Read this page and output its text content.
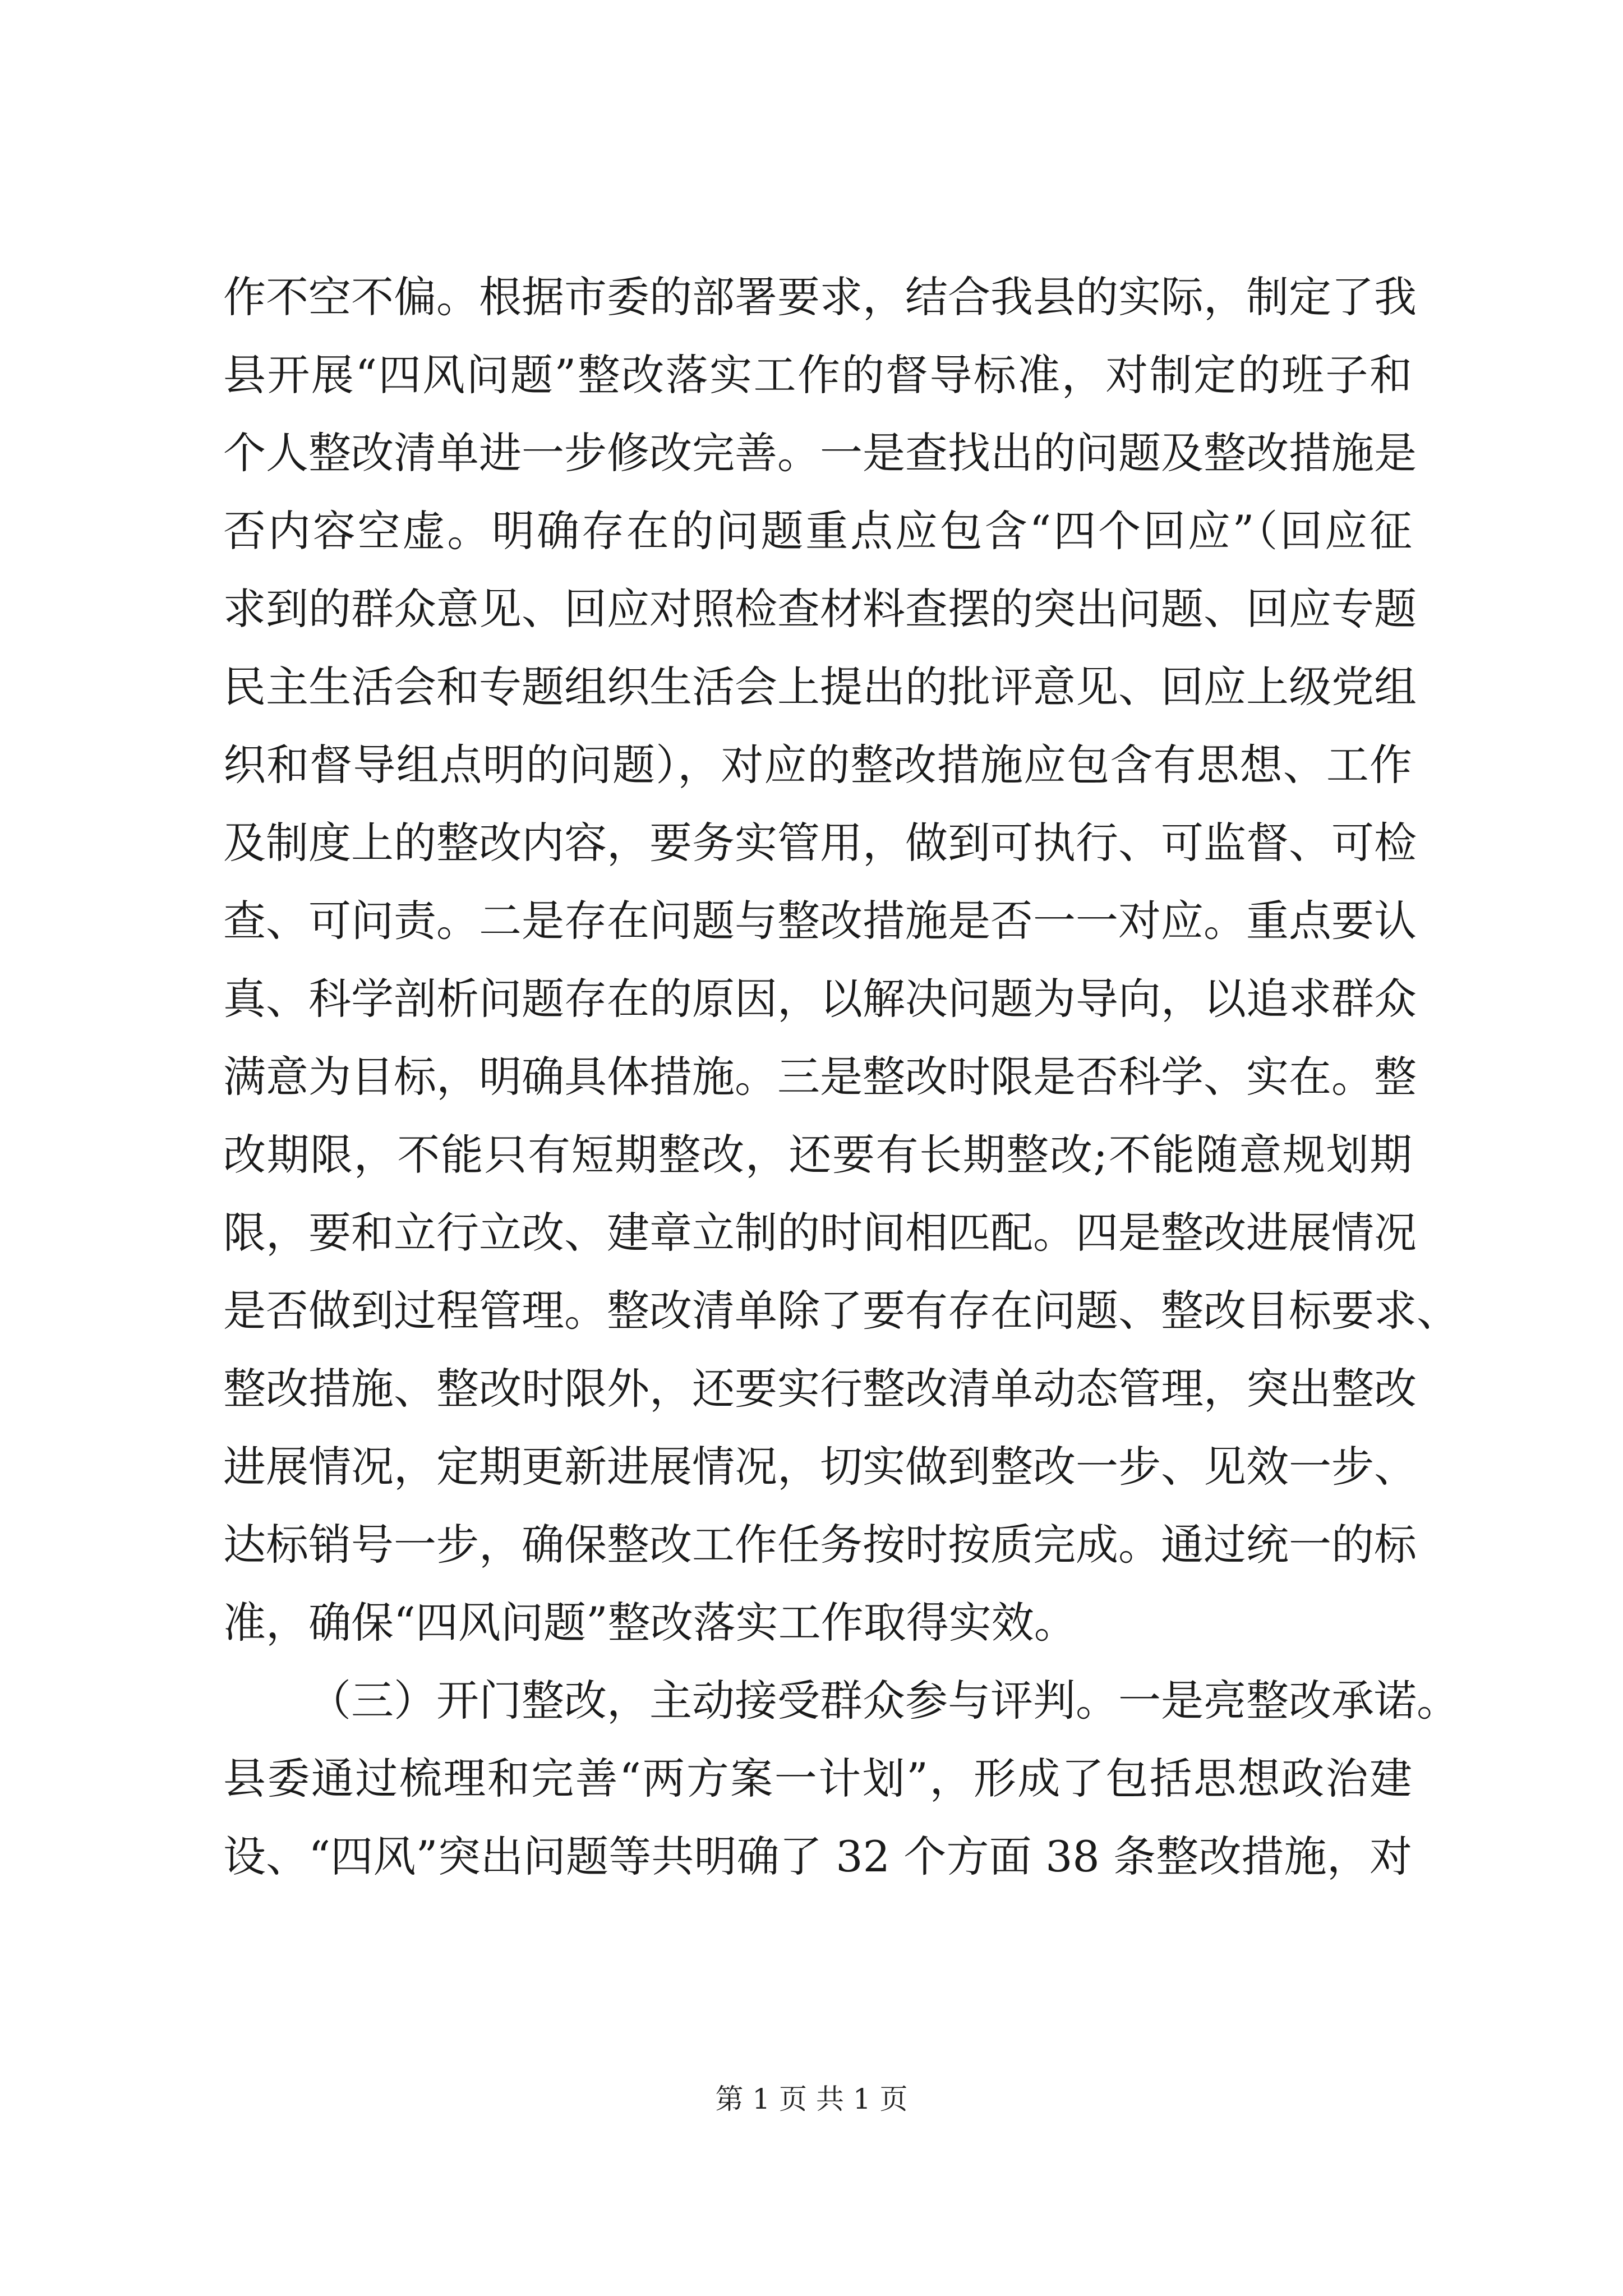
作不空不偏。根据市委的部署要求，结合我县的实际，制定了我
县开展“四风问题”整改落实工作的督导标准，对制定的班子和
个人整改清单进一步修改完善。一是查找出的问题及整改措施是
否内容空虚。明确存在的问题重点应包含“四个回应”（回应征
求到的群众意见、回应对照检查材料查摆的突出问题、回应专题
民主生活会和专题组织生活会上提出的批评意见、回应上级党组
织和督导组点明的问题），对应的整改措施应包含有思想、工作
及制度上的整改内容，要务实管用，做到可执行、可监督、可检
查、可问责。二是存在问题与整改措施是否一一对应。重点要认
真、科学剖析问题存在的原因，以解决问题为导向，以追求群众
满意为目标，明确具体措施。三是整改时限是否科学、实在。整
改期限，不能只有短期整改，还要有长期整改;不能随意规划期
限，要和立行立改、建章立制的时间相匹配。四是整改进展情况
是否做到过程管理。整改清单除了要有存在问题、整改目标要求、
整改措施、整改时限外，还要实行整改清单动态管理，突出整改
进展情况，定期更新进展情况，切实做到整改一步、见效一步、
达标销号一步，确保整改工作任务按时按质完成。通过统一的标
准，确保“四风问题”整改落实工作取得实效。
（三）开门整改，主动接受群众参与评判。一是亮整改承诺。
县委通过梳理和完善“两方案一计划”，形成了包括思想政治建
设、“四风”突出问题等共明确了 32 个方面 38 条整改措施，对
第 1 页 共 1 页
